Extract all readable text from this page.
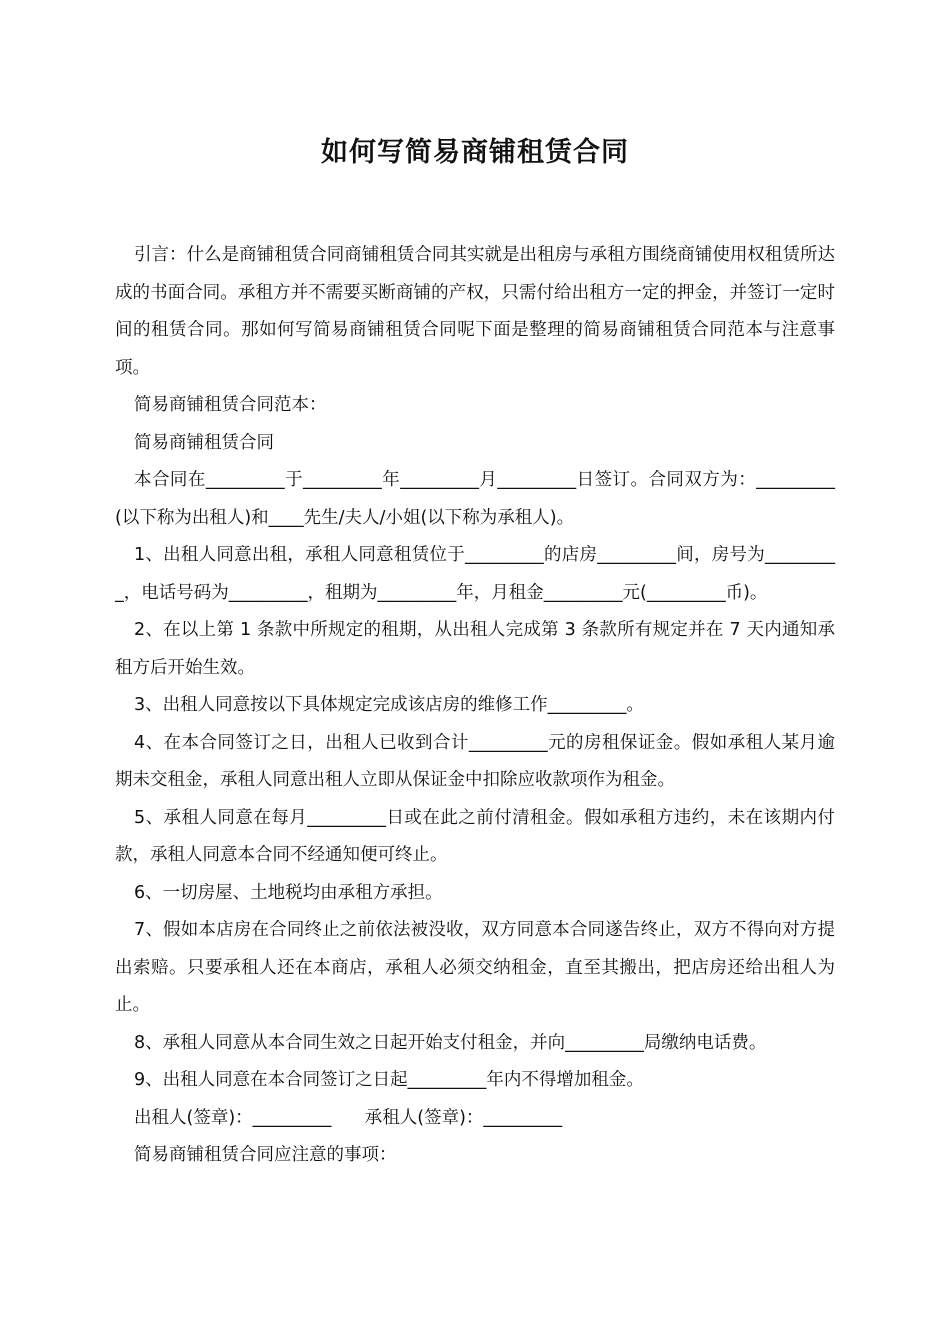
如何写简易商铺租赁合同

引言：什么是商铺租赁合同商铺租赁合同其实就是出租房与承租方围绕商铺使用权租赁所达成的书面合同。承租方并不需要买断商铺的产权，只需付给出租方一定的押金，并签订一定时间的租赁合同。那如何写简易商铺租赁合同呢下面是整理的简易商铺租赁合同范本与注意事项。

简易商铺租赁合同范本：

简易商铺租赁合同

本合同在_________于_________年_________月_________日签订。合同双方为：_________(以下称为出租人)和____先生/夫人/小姐(以下称为承租人)。

1、出租人同意出租，承租人同意租赁位于_________的店房_________间，房号为_________，电话号码为_________，租期为_________年，月租金_________元(_________币)。

2、在以上第 1 条款中所规定的租期，从出租人完成第 3 条款所有规定并在 7 天内通知承租方后开始生效。

3、出租人同意按以下具体规定完成该店房的维修工作_________。

4、在本合同签订之日，出租人已收到合计_________元的房租保证金。假如承租人某月逾期未交租金，承租人同意出租人立即从保证金中扣除应收款项作为租金。

5、承租人同意在每月_________日或在此之前付清租金。假如承租方违约，未在该期内付款，承租人同意本合同不经通知便可终止。

6、一切房屋、土地税均由承租方承担。

7、假如本店房在合同终止之前依法被没收，双方同意本合同遂告终止，双方不得向对方提出索赔。只要承租人还在本商店，承租人必须交纳租金，直至其搬出，把店房还给出租人为止。

8、承租人同意从本合同生效之日起开始支付租金，并向_________局缴纳电话费。

9、出租人同意在本合同签订之日起_________年内不得增加租金。

出租人(签章)：_________      承租人(签章)：_________

简易商铺租赁合同应注意的事项：
